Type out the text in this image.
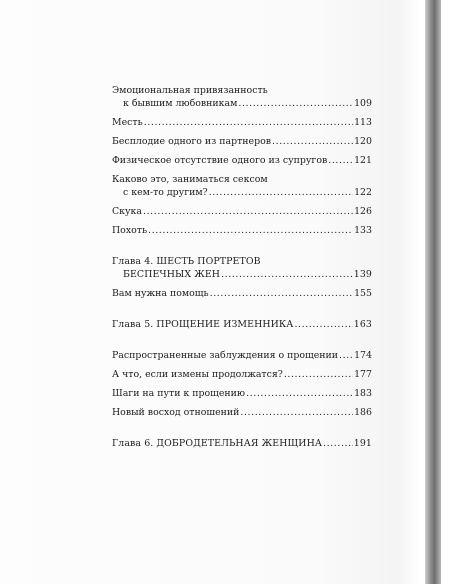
Эмоциональная привязанность
к бывшим любовникам .....	109
Месть .....	113
Бесплодие одного из партнеров .....	120
Физическое отсутствие одного из супругов .....	121
Каково это, заниматься сексом
с кем-то другим? .....	122
Скука .....	126
Похоть .....	133
Глава 4. ШЕСТЬ ПОРТРЕТОВ
БЕСПЕЧНЫХ ЖЕН .....	139
Вам нужна помощь .....	155
Глава 5. ПРОЩЕНИЕ ИЗМЕННИКА .....	163
Распространенные заблуждения о прощении ..... 174
А что, если измены продолжатся? .....	177
Шаги на пути к прощению .....	183
Новый восход отношений .....	186
Глава 6. ДОБРОДЕТЕЛЬНАЯ ЖЕНЩИНА .....	191
